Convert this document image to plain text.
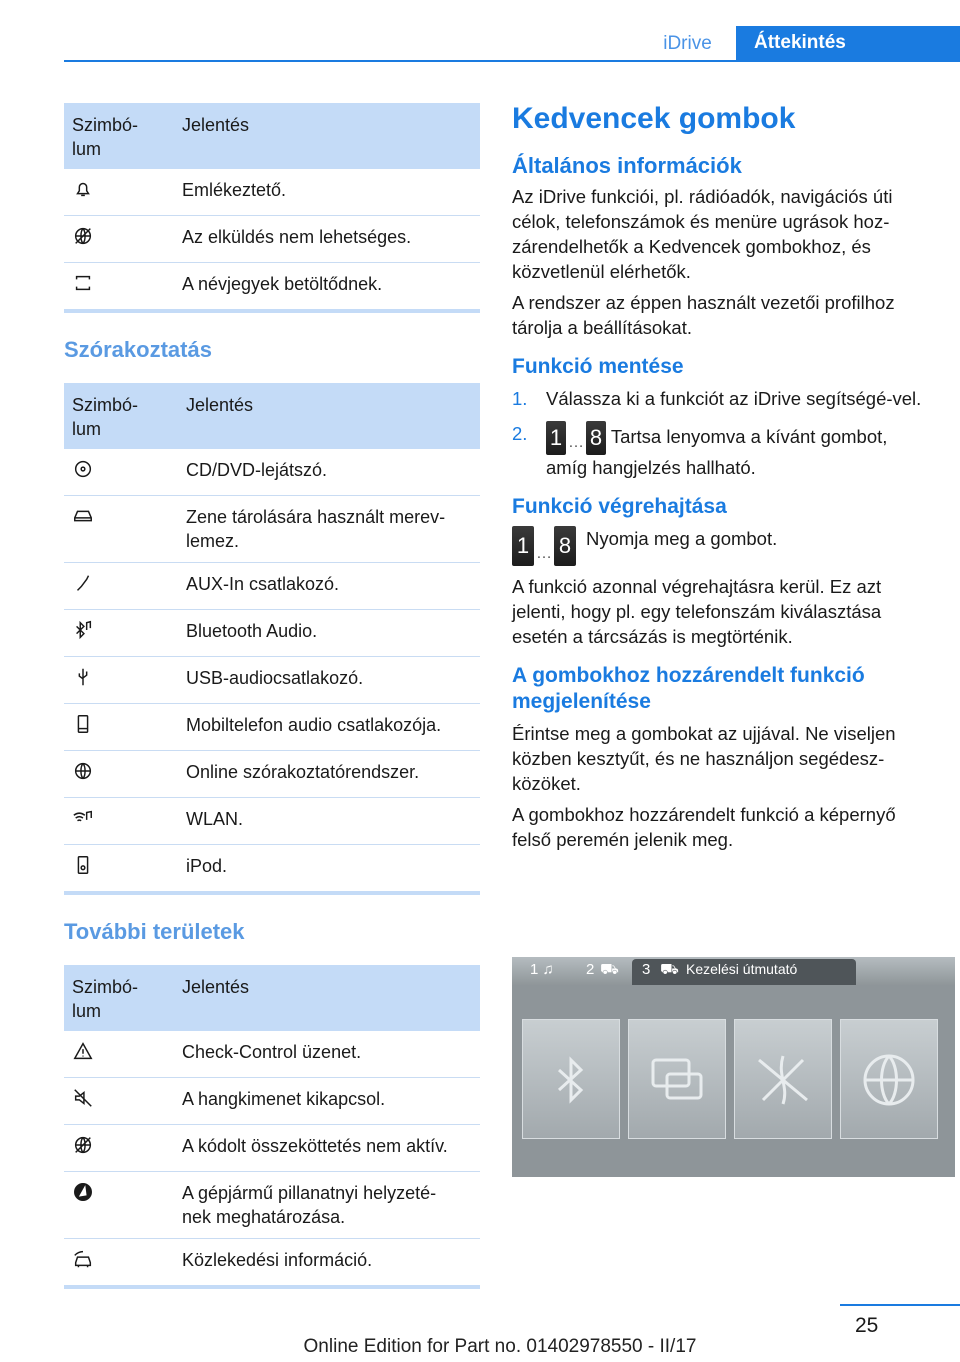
iDrive	Áttekintés
Szimbó-
lum	Jelentés
	Emlékeztető.
	Az elküldés nem lehetséges.
	A névjegyek betöltődnek.
Szórakoztatás
Szimbó-
lum	Jelentés
	CD/DVD-lejátszó.
	Zene tárolására használt merev-
lemez.
	AUX-In csatlakozó.
	Bluetooth Audio.
	USB-audiocsatlakozó.
	Mobiltelefon audio csatlakozója.
	Online szórakoztatórendszer.
	WLAN.
	iPod.
További területek
Szimbó-
lum	Jelentés
	Check-Control üzenet.
	A hangkimenet kikapcsol.
	A kódolt összeköttetés nem aktív.
	A gépjármű pillanatnyi helyzeté-
nek meghatározása.
	Közlekedési információ.
Kedvencek gombok
Általános információk

Az iDrive funkciói, pl. rádióadók, navigációs úti célok, telefonszámok és menüre ugrások hoz-zárendelhetők a Kedvencek gombokhoz, és közvetlenül elérhetők.

A rendszer az éppen használt vezetői profilhoz tárolja a beállításokat.

Funkció mentése
1. Válassza ki a funkciót az iDrive segítségé-vel.
2. 1 … 8 Tartsa lenyomva a kívánt gombot, amíg hangjelzés hallható.
Funkció végrehajtása
1 … 8 Nyomja meg a gombot.

A funkció azonnal végrehajtásra kerül. Ez azt jelenti, hogy pl. egy telefonszám kiválasztása esetén a tárcsázás is megtörténik.

A gombokhoz hozzárendelt funkció megjelenítése

Érintse meg a gombokat az ujjával. Ne viseljen közben kesztyűt, és ne használjon segédesz-közöket.

A gombokhoz hozzárendelt funkció a képernyő felső peremén jelenik meg.

1 ♫ 2 ⛟ 3 ⛟ Kezelési útmutató
25
Online Edition for Part no. 01402978550 - II/17
